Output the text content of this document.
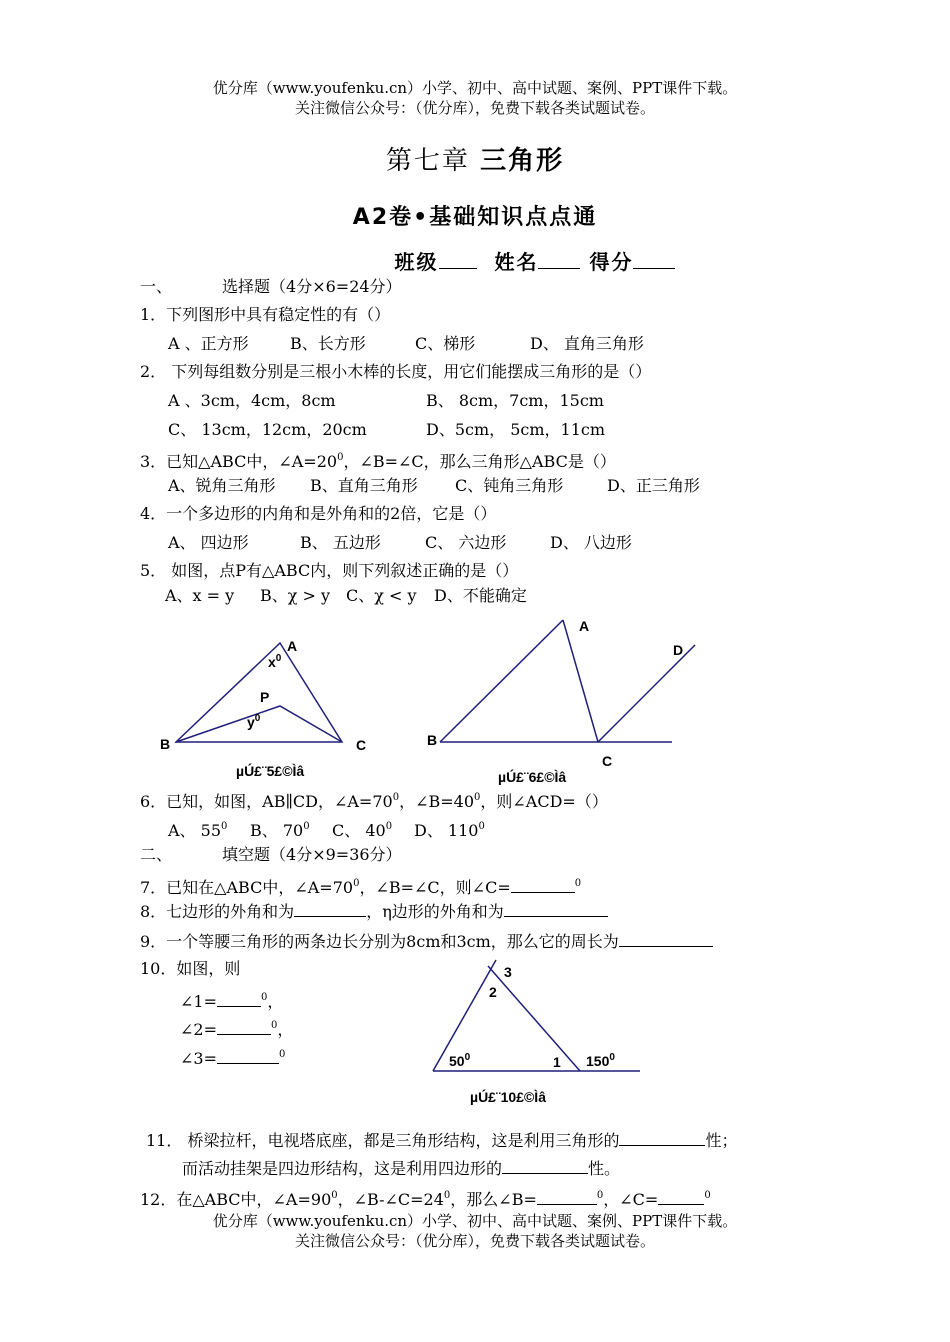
优分库（www.youfenku.cn）小学、初中、高中试题、案例、PPT课件下载。
关注微信公众号：（优分库），免费下载各类试题试卷。
第七章 三角形
A2卷•基础知识点点通
班级	姓名	得分
一、	选择题（4分×6=24分）
1．下列图形中具有稳定性的有（）
A 、正方形	B、长方形	C、梯形	D、 直角三角形
2． 下列每组数分别是三根小木棒的长度，用它们能摆成三角形的是（）
A 、3cm，4cm，8cm	B、 8cm，7cm，15cm
C、 13cm，12cm，20cm	D、5cm， 5cm，11cm
3．已知△ABC中，$\angle A=20^0$，∠B=∠C，那么三角形△ABC是（）
A、锐角三角形 B、直角三角形 C、钝角三角形	D、正三角形
4．一个多边形的内角和是外角和的2倍，它是（）
A、 四边形	B、 五边形	C、 六边形	D、 八边形
5． 如图，点P有△ABC内，则下列叙述正确的是（）
A、x = y B、χ > y C、χ < y D、不能确定
A
$x^0$
P
$y^0$
B	C
µÚ£¨5£©Ìâ
A
D
B
C
µÚ£¨6£©Ìâ
3
2
$50^0$	1 $150^0$
µÚ£¨10£©Ìâ
6．已知，如图，AB∥CD，$\angle A=70^0$，$\angle B=40^0$，则∠ACD=（）
A、 $55^0$ B、 $70^0$ C、 $40^0$ D、 $110^0$
二、	填空题（4分×9=36分）
7．已知在△ABC中，$\angle A=70^0$，∠B=∠C，则∠C=	$^0$
8．七边形的外角和为	，η边形的外角和为
9．一个等腰三角形的两条边长分别为8cm和3cm，那么它的周长为
10．如图，则
∠1=	$^0$，
∠2=	$^0$，
∠3=	$^0$
11． 桥梁拉杆，电视塔底座，都是三角形结构，这是利用三角形的	性；
而活动挂架是四边形结构，这是利用四边形的	性。
12．在△ABC中，$\angle A=90^0$，$\angle B-\angle C=24^0$，那么∠B=	$^0$，∠C=	$^0$
优分库（www.youfenku.cn）小学、初中、高中试题、案例、PPT课件下载。
关注微信公众号：（优分库），免费下载各类试题试卷。
